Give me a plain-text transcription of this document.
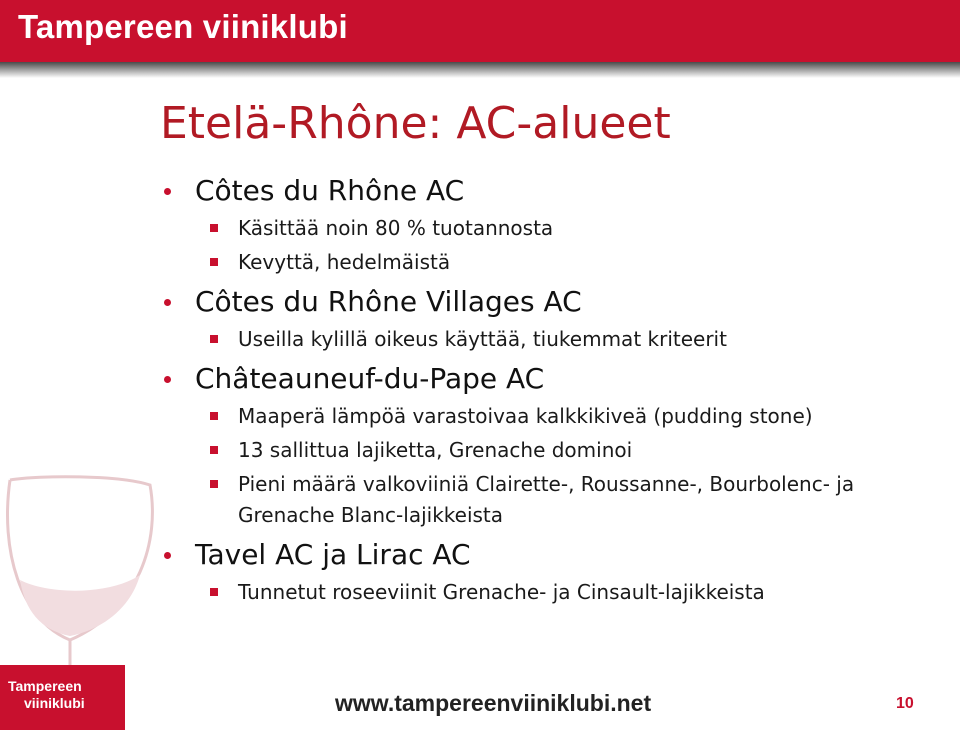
Tampereen viiniklubi
Etelä-Rhône: AC-alueet
Côtes du Rhône AC
Käsittää noin 80 % tuotannosta
Kevyttä, hedelmäistä
Côtes du Rhône Villages AC
Useilla kylillä oikeus käyttää, tiukemmat kriteerit
Châteauneuf-du-Pape AC
Maaperä lämpöä varastoivaa kalkkikiveä (pudding stone)
13 sallittua lajiketta, Grenache dominoi
Pieni määrä valkoviiniä Clairette-, Roussanne-, Bourbolenc- ja Grenache Blanc-lajikkeista
Tavel AC ja Lirac AC
Tunnetut roseeviinit Grenache- ja Cinsault-lajikkeista
Tampereen
viiniklubi	www.tampereenviiniklubi.net	10
